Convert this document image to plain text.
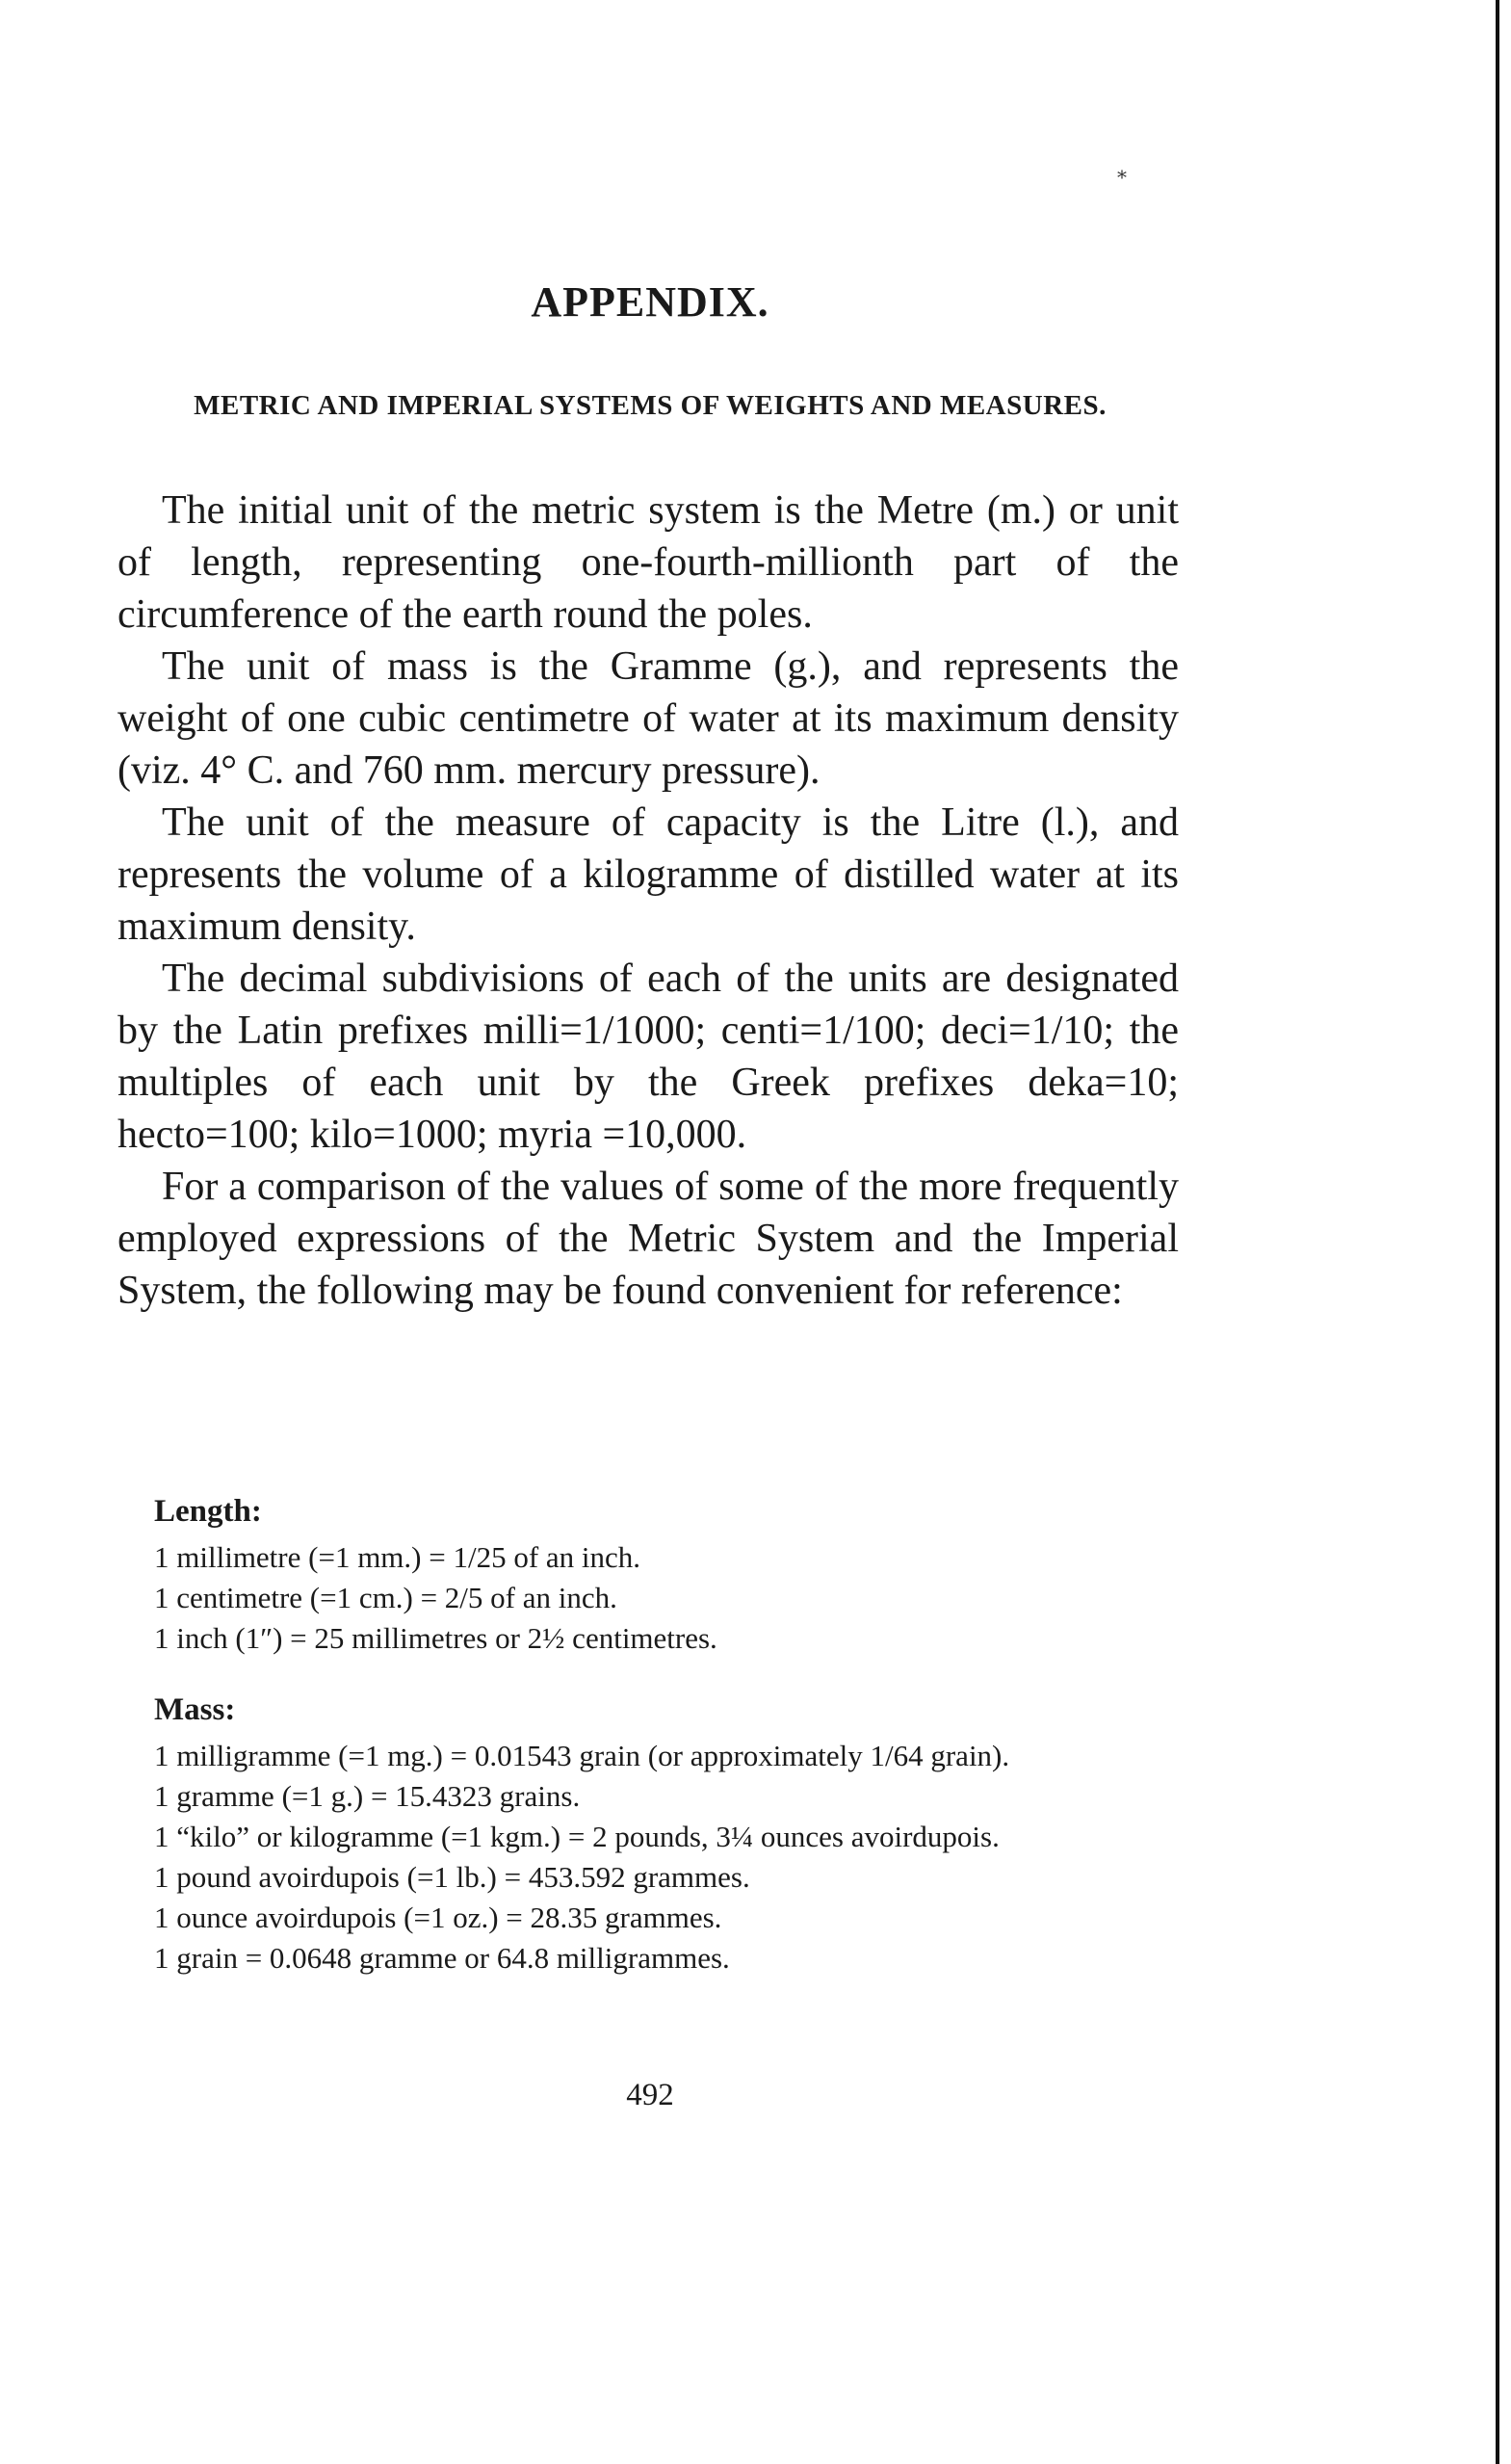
*
APPENDIX.
METRIC AND IMPERIAL SYSTEMS OF WEIGHTS AND MEASURES.

The initial unit of the metric system is the Metre (m.) or unit of length, representing one-fourth-millionth part of the circumference of the earth round the poles.

The unit of mass is the Gramme (g.), and represents the weight of one cubic centimetre of water at its maximum density (viz. 4° C. and 760 mm. mercury pressure).

The unit of the measure of capacity is the Litre (l.), and represents the volume of a kilogramme of distilled water at its maximum density.

The decimal subdivisions of each of the units are designated by the Latin prefixes milli=1/1000; centi=1/100; deci=1/10; the multiples of each unit by the Greek prefixes deka=10; hecto=100; kilo=1000; myria =10,000.

For a comparison of the values of some of the more frequently employed expressions of the Metric System and the Imperial System, the following may be found convenient for reference:

Length:

1 millimetre (=1 mm.) = 1/25 of an inch.

1 centimetre (=1 cm.) = 2/5 of an inch.

1 inch (1″) = 25 millimetres or 2½ centimetres.

Mass:

1 milligramme (=1 mg.) = 0.01543 grain (or approximately 1/64 grain).

1 gramme (=1 g.) = 15.4323 grains.

1 “kilo” or kilogramme (=1 kgm.) = 2 pounds, 3¼ ounces avoirdupois.

1 pound avoirdupois (=1 lb.) = 453.592 grammes.

1 ounce avoirdupois (=1 oz.) = 28.35 grammes.

1 grain = 0.0648 gramme or 64.8 milligrammes.

492
